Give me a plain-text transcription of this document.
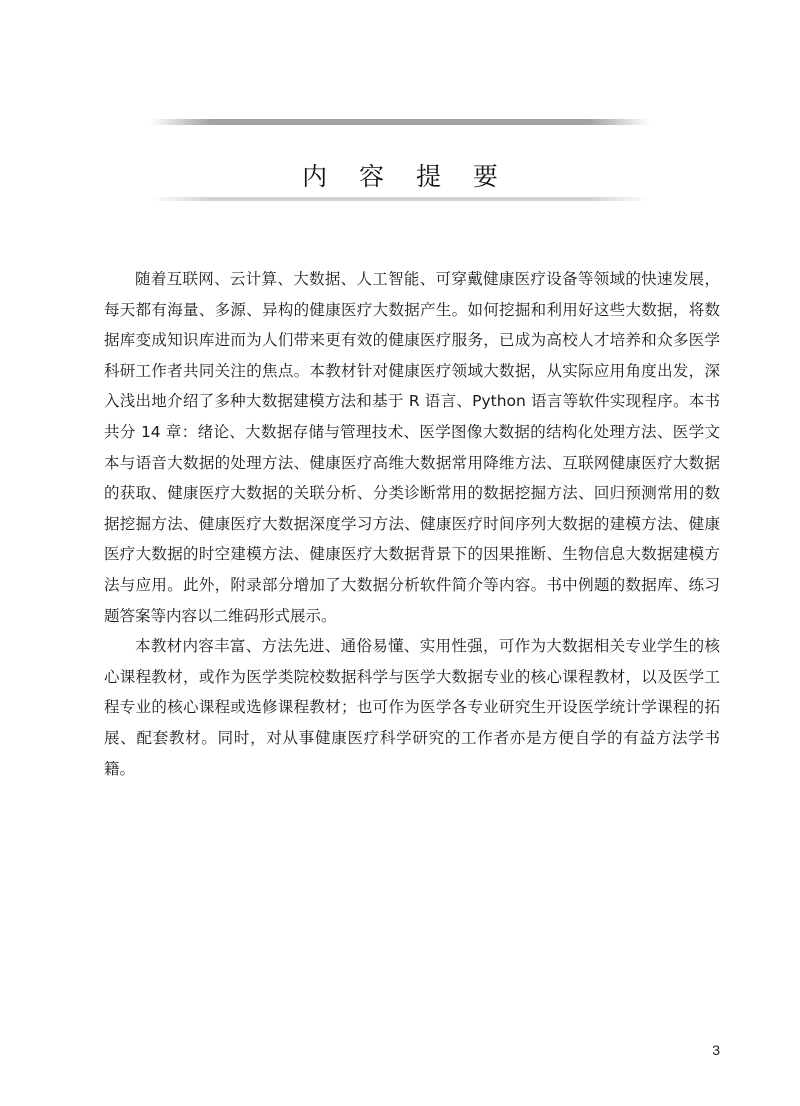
内 容 提 要

随着互联网、云计算、大数据、人工智能、可穿戴健康医疗设备等领域的快速发展，每天都有海量、多源、异构的健康医疗大数据产生。如何挖掘和利用好这些大数据，将数据库变成知识库进而为人们带来更有效的健康医疗服务，已成为高校人才培养和众多医学科研工作者共同关注的焦点。本教材针对健康医疗领域大数据，从实际应用角度出发，深入浅出地介绍了多种大数据建模方法和基于 R 语言、Python 语言等软件实现程序。本书共分 14 章：绪论、大数据存储与管理技术、医学图像大数据的结构化处理方法、医学文本与语音大数据的处理方法、健康医疗高维大数据常用降维方法、互联网健康医疗大数据的获取、健康医疗大数据的关联分析、分类诊断常用的数据挖掘方法、回归预测常用的数据挖掘方法、健康医疗大数据深度学习方法、健康医疗时间序列大数据的建模方法、健康医疗大数据的时空建模方法、健康医疗大数据背景下的因果推断、生物信息大数据建模方法与应用。此外，附录部分增加了大数据分析软件简介等内容。书中例题的数据库、练习题答案等内容以二维码形式展示。

本教材内容丰富、方法先进、通俗易懂、实用性强，可作为大数据相关专业学生的核心课程教材，或作为医学类院校数据科学与医学大数据专业的核心课程教材，以及医学工程专业的核心课程或选修课程教材；也可作为医学各专业研究生开设医学统计学课程的拓展、配套教材。同时，对从事健康医疗科学研究的工作者亦是方便自学的有益方法学书籍。

3
